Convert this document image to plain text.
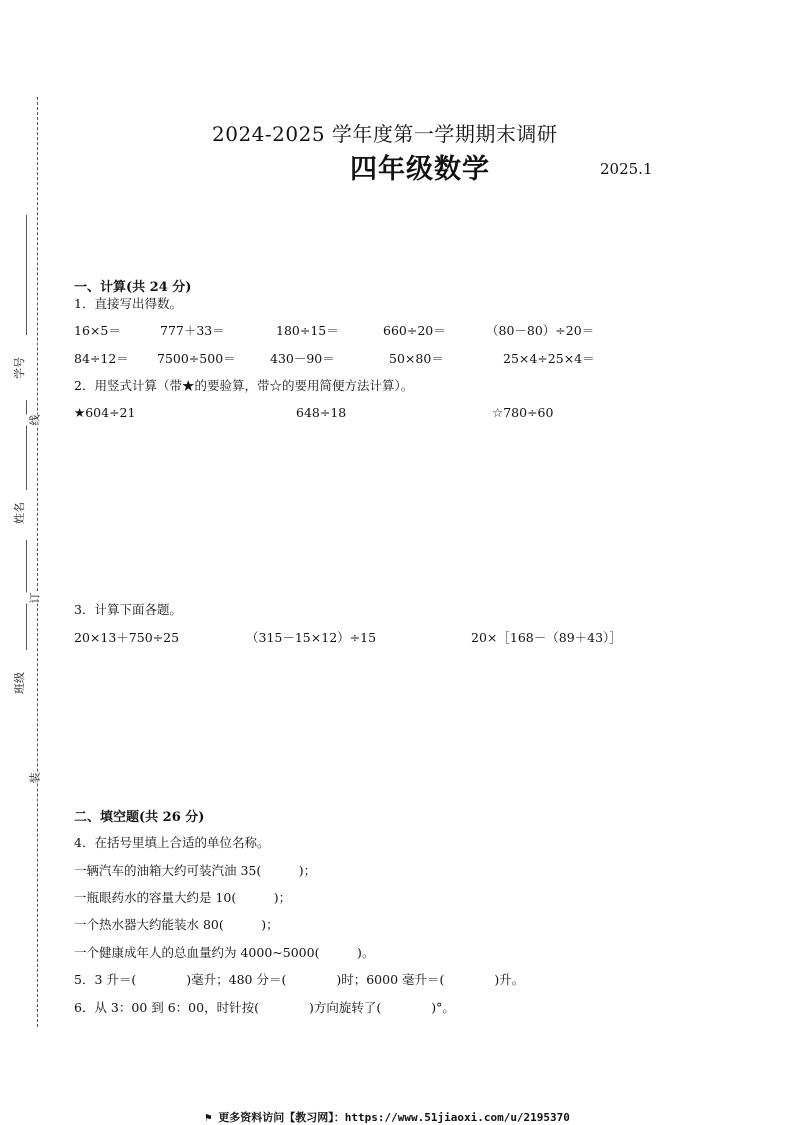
学号
姓名
班级
线
订
装
2024-2025 学年度第一学期期末调研
四年级数学	2025.1
一、计算(共 24 分)
1．直接写出得数。
16×5＝	777＋33＝	180÷15＝	660÷20＝	（80－80）÷20＝
84÷12＝ 7500÷500＝	430－90＝	50×80＝	25×4÷25×4＝
2．用竖式计算（带★的要验算，带☆的要用简便方法计算）。
★604÷21	648÷18	☆780÷60
3．计算下面各题。
20×13＋750÷25	（315－15×12）÷15	20×［168－（89＋43）］
二、填空题(共 26 分)
4．在括号里填上合适的单位名称。
一辆汽车的油箱大约可装汽油 35(　　　)；
一瓶眼药水的容量大约是 10(　　　)；
一个热水器大约能装水 80(　　　)；
一个健康成年人的总血量约为 4000~5000(　　　)。
5．3 升＝(　　　　)毫升；480 分＝(　　　　)时；6000 毫升＝(　　　　)升。
6．从 3：00 到 6：00，时针按(　　　　)方向旋转了(　　　　)°。
⚑ 更多资料访问【教习网】：https://www.51jiaoxi.com/u/2195370
